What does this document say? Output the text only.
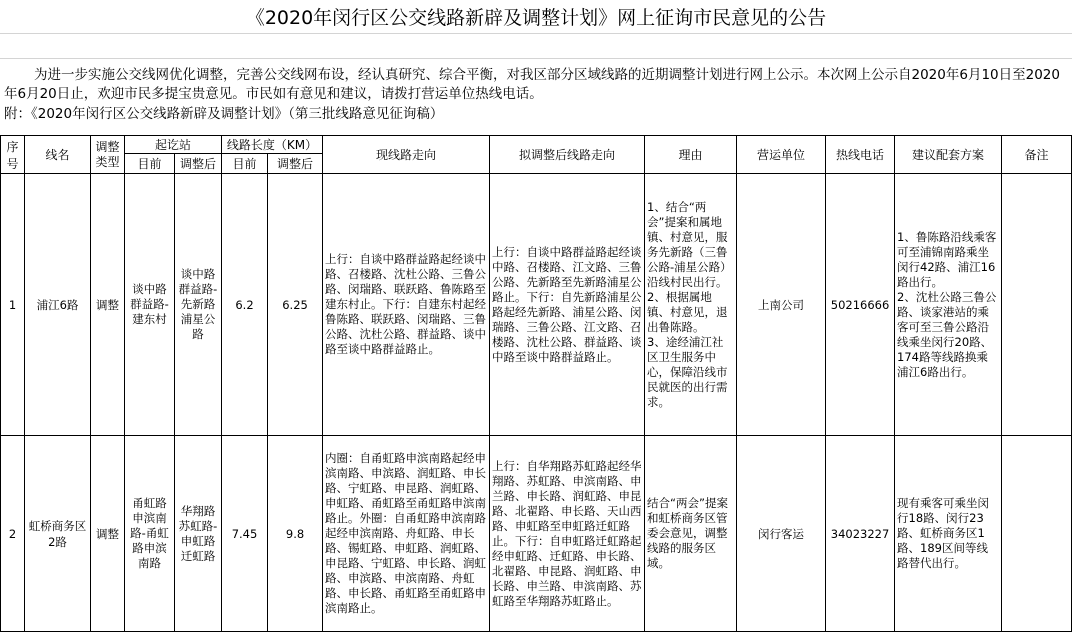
《2020年闵行区公交线路新辟及调整计划》网上征询市民意见的公告
为进一步实施公交线网优化调整，完善公交线网布设，经认真研究、综合平衡，对我区部分区域线路的近期调整计划进行网上公示。本次网上公示自2020年6月10日至2020年6月20日止，欢迎市民多提宝贵意见。市民如有意见和建议，请拨打营运单位热线电话。
附：《2020年闵行区公交线路新辟及调整计划》（第三批线路意见征询稿）
序号	线名	调整类型	起讫站		线路长度（KM）		现线路走向	拟调整后线路走向	理由	营运单位	热线电话	建议配套方案	备注
			目前	调整后	目前	调整后							
1	浦江6路	调整	谈中路群益路-建东村	谈中路群益路-先新路浦星公路	6.2	6.25	上行：自谈中路群益路起经谈中路、召楼路、沈杜公路、三鲁公路、闵瑞路、联跃路、鲁陈路至建东村止。下行：自建东村起经鲁陈路、联跃路、闵瑞路、三鲁公路、沈杜公路、群益路、谈中路至谈中路群益路止。	上行：自谈中路群益路起经谈中路、召楼路、江文路、三鲁公路、先新路至先新路浦星公路止。下行：自先新路浦星公路起经先新路、浦星公路、闵瑞路、三鲁公路、江文路、召楼路、沈杜公路、群益路、谈中路至谈中路群益路止。	1、结合“两会”提案和属地镇、村意见，服务先新路（三鲁公路-浦星公路）沿线村民出行。
2、根据属地镇、村意见，退出鲁陈路。
3、途经浦江社区卫生服务中心，保障沿线市民就医的出行需求。	上南公司	50216666	1、鲁陈路沿线乘客可至浦锦南路乘坐闵行42路、浦江16路出行。
2、沈杜公路三鲁公路、谈家港站的乘客可至三鲁公路沿线乘坐闵行20路、174路等线路换乘浦江6路出行。	
2	虹桥商务区2路	调整	甬虹路申滨南路-甬虹路申滨南路	华翔路苏虹路-申虹路迁虹路	7.45	9.8	内圈：自甬虹路申滨南路起经申滨南路、申滨路、润虹路、申长路、宁虹路、申昆路、润虹路、申虹路、甬虹路至甬虹路申滨南路止。外圈：自甬虹路申滨南路起经申滨南路、舟虹路、申长路、锡虹路、申虹路、润虹路、申昆路、宁虹路、申长路、润虹路、申滨路、申滨南路、舟虹路、申长路、甬虹路至甬虹路申滨南路止。	上行：自华翔路苏虹路起经华翔路、苏虹路、申滨南路、申兰路、申长路、润虹路、申昆路、北翟路、申长路、天山西路、申虹路至申虹路迁虹路止。下行：自申虹路迁虹路起经申虹路、迁虹路、申长路、北翟路、申昆路、润虹路、申长路、申兰路、申滨南路、苏虹路至华翔路苏虹路止。	结合“两会”提案和虹桥商务区管委会意见，调整线路的服务区域。	闵行客运	34023227	现有乘客可乘坐闵行18路、闵行23路、虹桥商务区1路、189区间等线路替代出行。	
